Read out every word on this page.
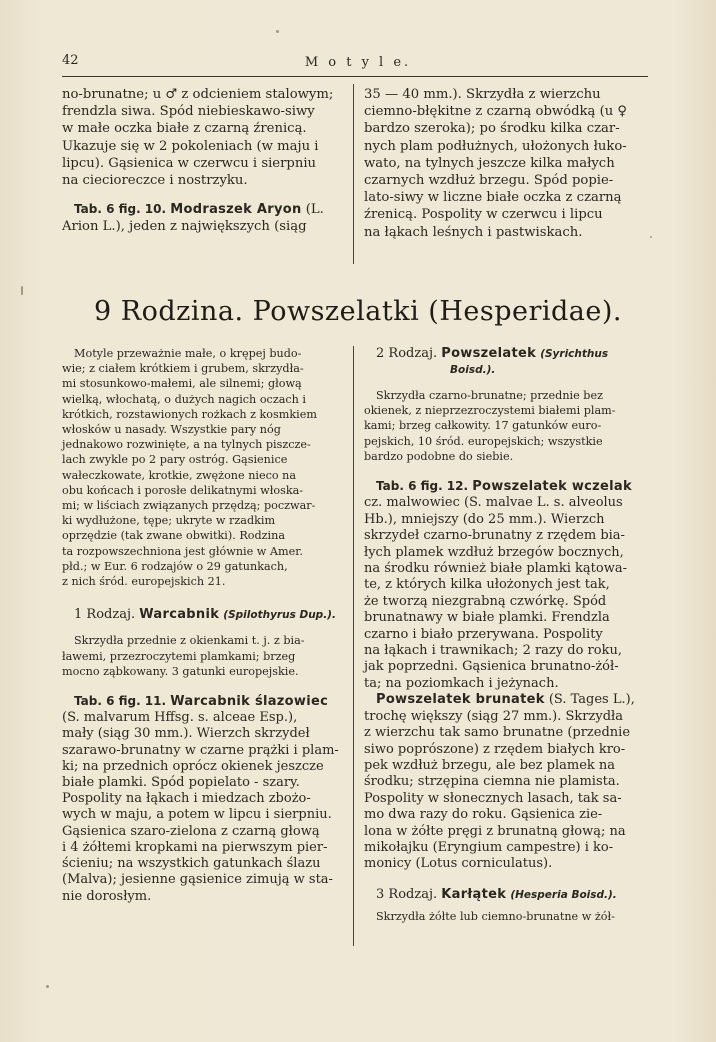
42	M o t y l e.

no-brunatne; u ♂ z odcieniem stalowym;

frendzla siwa. Spód niebieskawo-siwy

w małe oczka białe z czarną źrenicą.

Ukazuje się w 2 pokoleniach (w maju i

lipcu). Gąsienica w czerwcu i sierpniu

na ciecioreczce i nostrzyku.

Tab. 6 fig. 10. Modraszek Aryon (L.

Arion L.), jeden z największych (siąg

35 — 40 mm.). Skrzydła z wierzchu

ciemno-błękitne z czarną obwódką (u ♀

bardzo szeroka); po środku kilka czar-

nych plam podłużnych, ułożonych łuko-

wato, na tylnych jeszcze kilka małych

czarnych wzdłuż brzegu. Spód popie-

lato-siwy w liczne białe oczka z czarną

źrenicą. Pospolity w czerwcu i lipcu

na łąkach leśnych i pastwiskach.

9 Rodzina. Powszelatki (Hesperidae).

Motyle przeważnie małe, o krępej budo-

wie; z ciałem krótkiem i grubem, skrzydła-

mi stosunkowo-małemi, ale silnemi; głową

wielką, włochatą, o dużych nagich oczach i

krótkich, rozstawionych rożkach z kosmkiem

włosków u nasady. Wszystkie pary nóg

jednakowo rozwinięte, a na tylnych piszcze-

lach zwykle po 2 pary ostróg. Gąsienice

wałeczkowate, krotkie, zwężone nieco na

obu końcach i porosłe delikatnymi włoska-

mi; w liściach związanych przędzą; poczwar-

ki wydłużone, tępe; ukryte w rzadkim

oprzędzie (tak zwane obwitki). Rodzina

ta rozpowszechniona jest głównie w Amer.

płd.; w Eur. 6 rodzajów o 29 gatunkach,

z nich śród. europejskich 21.

1 Rodzaj. Warcabnik (Spilothyrus Dup.).

Skrzydła przednie z okienkami t. j. z bia-

ławemi, przezroczytemi plamkami; brzeg

mocno ząbkowany. 3 gatunki europejskie.

Tab. 6 fig. 11. Warcabnik ślazowiec

(S. malvarum Hffsg. s. alceae Esp.),

mały (siąg 30 mm.). Wierzch skrzydeł

szarawo-brunatny w czarne prążki i plam-

ki; na przednich oprócz okienek jeszcze

białe plamki. Spód popielato - szary.

Pospolity na łąkach i miedzach zbożo-

wych w maju, a potem w lipcu i sierpniu.

Gąsienica szaro-zielona z czarną głową

i 4 żółtemi kropkami na pierwszym pier-

ścieniu; na wszystkich gatunkach ślazu

(Malva); jesienne gąsienice zimują w sta-

nie dorosłym.

2 Rodzaj. Powszelatek (Syrichthus
Boisd.).

Skrzydła czarno-brunatne; przednie bez

okienek, z nieprzezroczystemi białemi plam-

kami; brzeg całkowity. 17 gatunków euro-

pejskich, 10 śród. europejskich; wszystkie

bardzo podobne do siebie.

Tab. 6 fig. 12. Powszelatek wczelak

cz. malwowiec (S. malvae L. s. alveolus

Hb.), mniejszy (do 25 mm.). Wierzch

skrzydeł czarno-brunatny z rzędem bia-

łych plamek wzdłuż brzegów bocznych,

na środku również białe plamki kątowa-

te, z których kilka ułożonych jest tak,

że tworzą niezgrabną czwórkę. Spód

brunatnawy w białe plamki. Frendzla

czarno i biało przerywana. Pospolity

na łąkach i trawnikach; 2 razy do roku,

jak poprzedni. Gąsienica brunatno-żół-

ta; na poziomkach i jeżynach.

Powszelatek brunatek (S. Tages L.),

trochę większy (siąg 27 mm.). Skrzydła

z wierzchu tak samo brunatne (przednie

siwo poprószone) z rzędem białych kro-

pek wzdłuż brzegu, ale bez plamek na

środku; strzępina ciemna nie plamista.

Pospolity w słonecznych lasach, tak sa-

mo dwa razy do roku. Gąsienica zie-

lona w żółte pręgi z brunatną głową; na

mikołajku (Eryngium campestre) i ko-

monicy (Lotus corniculatus).

3 Rodzaj. Karłątek (Hesperia Boisd.).

Skrzydła żółte lub ciemno-brunatne w żół-
